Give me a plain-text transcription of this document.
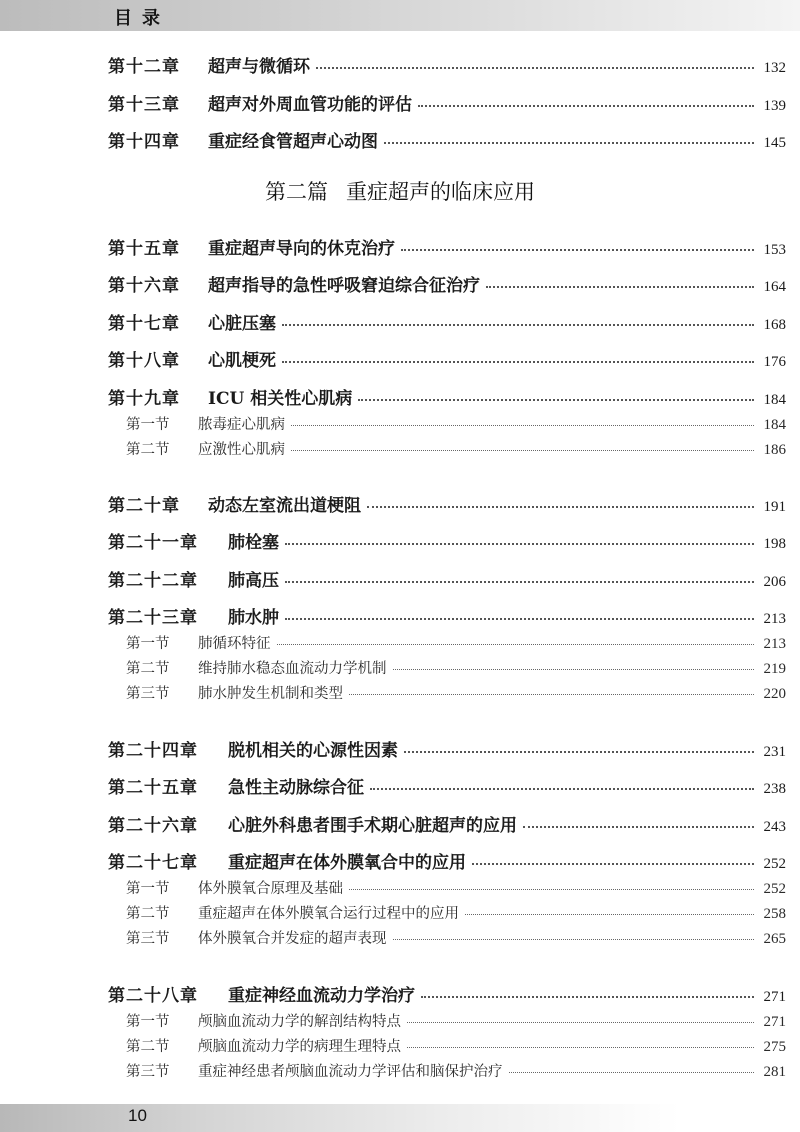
目录
第十二章	超声与微循环	132
第十三章	超声对外周血管功能的评估	139
第十四章	重症经食管超声心动图	145
第二篇 重症超声的临床应用
第十五章	重症超声导向的休克治疗	153
第十六章	超声指导的急性呼吸窘迫综合征治疗	164
第十七章	心脏压塞	168
第十八章	心肌梗死	176
第十九章	ICU 相关性心肌病	184
第一节	脓毒症心肌病	184
第二节	应激性心肌病	186
第二十章	动态左室流出道梗阻	191
第二十一章	肺栓塞	198
第二十二章	肺高压	206
第二十三章	肺水肿	213
第一节	肺循环特征	213
第二节	维持肺水稳态血流动力学机制	219
第三节	肺水肿发生机制和类型	220
第二十四章	脱机相关的心源性因素	231
第二十五章	急性主动脉综合征	238
第二十六章	心脏外科患者围手术期心脏超声的应用	243
第二十七章	重症超声在体外膜氧合中的应用	252
第一节	体外膜氧合原理及基础	252
第二节	重症超声在体外膜氧合运行过程中的应用	258
第三节	体外膜氧合并发症的超声表现	265
第二十八章	重症神经血流动力学治疗	271
第一节	颅脑血流动力学的解剖结构特点	271
第二节	颅脑血流动力学的病理生理特点	275
第三节	重症神经患者颅脑血流动力学评估和脑保护治疗	281
10
